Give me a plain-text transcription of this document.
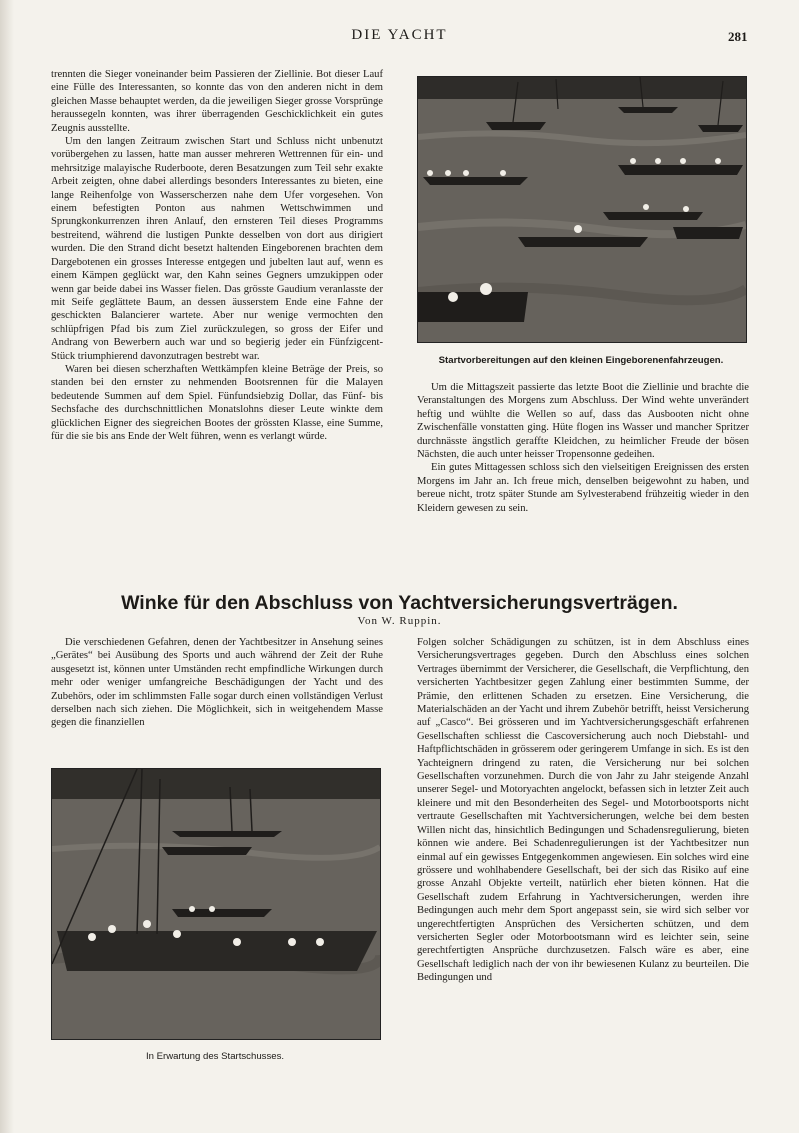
DIE YACHT	281

trennten die Sieger voneinander beim Passieren der Ziellinie. Bot dieser Lauf eine Fülle des Interessanten, so konnte das von den anderen nicht in dem gleichen Masse behauptet werden, da die jeweiligen Sieger grosse Vorsprünge heraussegeln konnten, was ihrer überragenden Geschicklichkeit ein gutes Zeugnis ausstellte.

Um den langen Zeitraum zwischen Start und Schluss nicht unbenutzt vorübergehen zu lassen, hatte man ausser mehreren Wettrennen für ein- und mehrsitzige malayische Ruderboote, deren Besatzungen zum Teil sehr exakte Arbeit zeigten, ohne dabei allerdings besonders Interessantes zu bieten, eine lange Reihenfolge von Wasserscherzen nahe dem Ufer vorgesehen. Von einem befestigten Ponton aus nahmen Wettschwimmen und Sprungkonkurrenzen ihren Anlauf, den ernsteren Teil dieses Programms bestreitend, während die lustigen Punkte desselben von dort aus dirigiert wurden. Die den Strand dicht besetzt haltenden Eingeborenen brachten dem Dargebotenen ein grosses Interesse entgegen und jubelten laut auf, wenn es einem Kämpen geglückt war, den Kahn seines Gegners umzukippen oder wenn gar beide dabei ins Wasser fielen. Das grösste Gaudium veranlasste der mit Seife geglättete Baum, an dessen äusserstem Ende eine Fahne der geschickten Balancierer wartete. Aber nur wenige vermochten den schlüpfrigen Pfad bis zum Ziel zurückzulegen, so gross der Eifer und Andrang von Bewerbern auch war und so begierig jeder ein Fünfzigcent-Stück triumphierend davonzutragen bestrebt war.

Waren bei diesen scherzhaften Wettkämpfen kleine Beträge der Preis, so standen bei den ernster zu nehmenden Bootsrennen für die Malayen bedeutende Summen auf dem Spiel. Fünfundsiebzig Dollar, das Fünf- bis Sechsfache des durchschnittlichen Monatslohns dieser Leute winkte dem glücklichen Eigner des siegreichen Bootes der grössten Klasse, eine Summe, für die sie bis ans Ende der Welt führen, wenn es verlangt würde.

Startvorbereitungen auf den kleinen Eingeborenenfahrzeugen.

Um die Mittagszeit passierte das letzte Boot die Ziellinie und brachte die Veranstaltungen des Morgens zum Abschluss. Der Wind wehte unverändert heftig und wühlte die Wellen so auf, dass das Ausbooten nicht ohne Zwischenfälle vonstatten ging. Hüte flogen ins Wasser und mancher Spritzer durchnässte ängstlich geraffte Kleidchen, zu heimlicher Freude der bösen Nächsten, die auch unter heisser Tropensonne gedeihen.

Ein gutes Mittagessen schloss sich den vielseitigen Ereignissen des ersten Morgens im Jahr an. Ich freue mich, denselben beigewohnt zu haben, und bereue nicht, trotz später Stunde am Sylvesterabend frühzeitig wieder in den Kleidern gewesen zu sein.

Winke für den Abschluss von Yachtversicherungsverträgen.
Von W. Ruppin.

Die verschiedenen Gefahren, denen der Yachtbesitzer in Ansehung seines „Gerätes“ bei Ausübung des Sports und auch während der Zeit der Ruhe ausgesetzt ist, können unter Umständen recht empfindliche Wirkungen durch mehr oder weniger umfangreiche Beschädigungen der Yacht und des Zubehörs, oder im schlimmsten Falle sogar durch einen vollständigen Verlust derselben nach sich ziehen. Die Möglichkeit, sich in weitgehendem Masse gegen die finanziellen

In Erwartung des Startschusses.

Folgen solcher Schädigungen zu schützen, ist in dem Abschluss eines Versicherungsvertrages gegeben. Durch den Abschluss eines solchen Vertrages übernimmt der Versicherer, die Gesellschaft, die Verpflichtung, den versicherten Yachtbesitzer gegen Zahlung einer bestimmten Summe, der Prämie, den erlittenen Schaden zu ersetzen. Eine Versicherung, die Materialschäden an der Yacht und ihrem Zubehör betrifft, heisst Versicherung auf „Casco“. Bei grösseren und im Yachtversicherungsgeschäft erfahrenen Gesellschaften schliesst die Cascoversicherung auch noch Diebstahl- und Haftpflichtschäden in grösserem oder geringerem Umfange in sich. Es ist den Yachteignern dringend zu raten, die Versicherung nur bei solchen Gesellschaften vorzunehmen. Durch die von Jahr zu Jahr steigende Anzahl unserer Segel- und Motoryachten angelockt, befassen sich in letzter Zeit auch kleinere und mit den Besonderheiten des Segel- und Motorbootsports nicht vertraute Gesellschaften mit Yachtversicherungen, welche bei dem besten Willen nicht das, hinsichtlich Bedingungen und Schadensregulierung, bieten können wie andere. Bei Schadenregulierungen ist der Yachtbesitzer nun einmal auf ein gewisses Entgegenkommen angewiesen. Ein solches wird eine grössere und wohlhabendere Gesellschaft, bei der sich das Risiko auf eine grosse Anzahl Objekte verteilt, natürlich eher bieten können. Hat die Gesellschaft zudem Erfahrung in Yachtversicherungen, werden ihre Bedingungen auch mehr dem Sport angepasst sein, sie wird sich selber vor ungerechtfertigten Ansprüchen des Versicherten schützen, und dem versicherten Segler oder Motorbootsmann wird es leichter sein, seine gerechtfertigten Ansprüche durchzusetzen. Falsch wäre es aber, eine Gesellschaft lediglich nach der von ihr bewiesenen Kulanz zu beurteilen. Die Bedingungen und
